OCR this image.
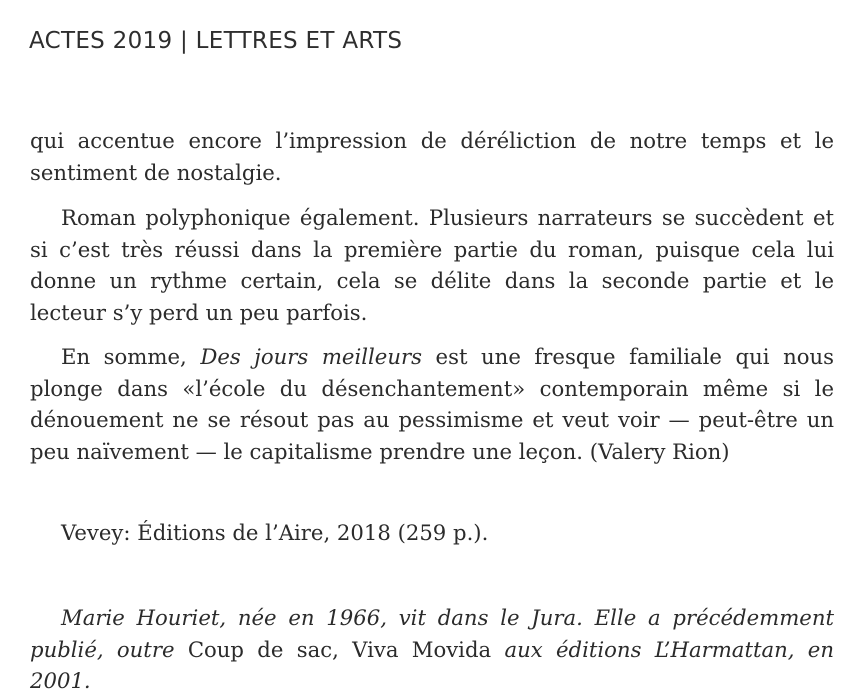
ACTES 2019 | LETTRES ET ARTS

qui accentue encore l’impression de déréliction de notre temps et le sentiment de nostalgie.

Roman polyphonique également. Plusieurs narrateurs se succèdent et si c’est très réussi dans la première partie du roman, puisque cela lui donne un rythme certain, cela se délite dans la seconde partie et le lecteur s’y perd un peu parfois.

En somme, Des jours meilleurs est une fresque familiale qui nous plonge dans «l’école du désenchantement» contemporain même si le dénouement ne se résout pas au pessimisme et veut voir — peut-être un peu naïvement — le capitalisme prendre une leçon. (Valery Rion)

Vevey: Éditions de l’Aire, 2018 (259 p.).

Marie Houriet, née en 1966, vit dans le Jura. Elle a précédemment publié, outre Coup de sac, Viva Movida aux éditions L’Harmattan, en 2001.
